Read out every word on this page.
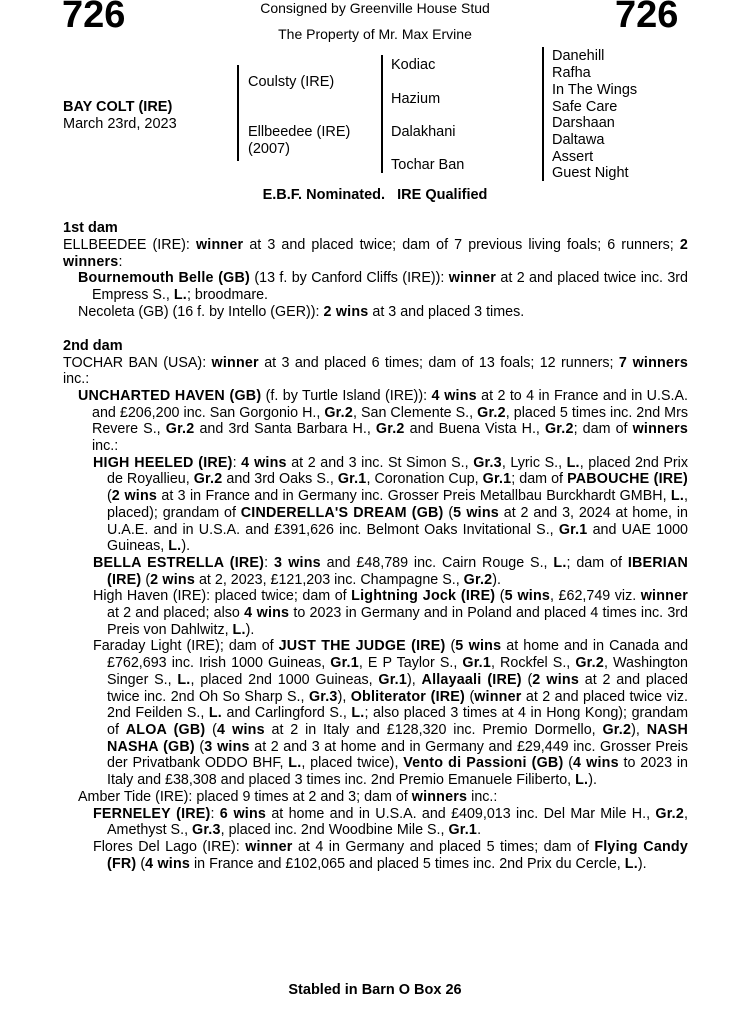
726	726
Consigned by Greenville House Stud
The Property of Mr. Max Ervine
BAY COLT (IRE)
March 23rd, 2023
Coulsty (IRE)
Ellbeedee (IRE)
(2007)
Kodiac
Hazium
Dalakhani
Tochar Ban
Danehill
Rafha
In The Wings
Safe Care
Darshaan
Daltawa
Assert
Guest Night
E.B.F. Nominated.   IRE Qualified

1st dam

ELLBEEDEE (IRE): winner at 3 and placed twice; dam of 7 previous living foals; 6 runners; 2 winners:

Bournemouth Belle (GB) (13 f. by Canford Cliffs (IRE)): winner at 2 and placed twice inc. 3rd Empress S., L.; broodmare.

Necoleta (GB) (16 f. by Intello (GER)): 2 wins at 3 and placed 3 times.

2nd dam

TOCHAR BAN (USA): winner at 3 and placed 6 times; dam of 13 foals; 12 runners; 7 winners inc.:

UNCHARTED HAVEN (GB) (f. by Turtle Island (IRE)): 4 wins at 2 to 4 in France and in U.S.A. and £206,200 inc. San Gorgonio H., Gr.2, San Clemente S., Gr.2, placed 5 times inc. 2nd Mrs Revere S., Gr.2 and 3rd Santa Barbara H., Gr.2 and Buena Vista H., Gr.2; dam of winners inc.:

HIGH HEELED (IRE): 4 wins at 2 and 3 inc. St Simon S., Gr.3, Lyric S., L., placed 2nd Prix de Royallieu, Gr.2 and 3rd Oaks S., Gr.1, Coronation Cup, Gr.1; dam of PABOUCHE (IRE) (2 wins at 3 in France and in Germany inc. Grosser Preis Metallbau Burckhardt GMBH, L., placed); grandam of CINDERELLA'S DREAM (GB) (5 wins at 2 and 3, 2024 at home, in U.A.E. and in U.S.A. and £391,626 inc. Belmont Oaks Invitational S., Gr.1 and UAE 1000 Guineas, L.).

BELLA ESTRELLA (IRE): 3 wins and £48,789 inc. Cairn Rouge S., L.; dam of IBERIAN (IRE) (2 wins at 2, 2023, £121,203 inc. Champagne S., Gr.2).

High Haven (IRE): placed twice; dam of Lightning Jock (IRE) (5 wins, £62,749 viz. winner at 2 and placed; also 4 wins to 2023 in Germany and in Poland and placed 4 times inc. 3rd Preis von Dahlwitz, L.).

Faraday Light (IRE); dam of JUST THE JUDGE (IRE) (5 wins at home and in Canada and £762,693 inc. Irish 1000 Guineas, Gr.1, E P Taylor S., Gr.1, Rockfel S., Gr.2, Washington Singer S., L., placed 2nd 1000 Guineas, Gr.1), Allayaali (IRE) (2 wins at 2 and placed twice inc. 2nd Oh So Sharp S., Gr.3), Obliterator (IRE) (winner at 2 and placed twice viz. 2nd Feilden S., L. and Carlingford S., L.; also placed 3 times at 4 in Hong Kong); grandam of ALOA (GB) (4 wins at 2 in Italy and £128,320 inc. Premio Dormello, Gr.2), NASH NASHA (GB) (3 wins at 2 and 3 at home and in Germany and £29,449 inc. Grosser Preis der Privatbank ODDO BHF, L., placed twice), Vento di Passioni (GB) (4 wins to 2023 in Italy and £38,308 and placed 3 times inc. 2nd Premio Emanuele Filiberto, L.).

Amber Tide (IRE): placed 9 times at 2 and 3; dam of winners inc.:

FERNELEY (IRE): 6 wins at home and in U.S.A. and £409,013 inc. Del Mar Mile H., Gr.2, Amethyst S., Gr.3, placed inc. 2nd Woodbine Mile S., Gr.1.

Flores Del Lago (IRE): winner at 4 in Germany and placed 5 times; dam of Flying Candy (FR) (4 wins in France and £102,065 and placed 5 times inc. 2nd Prix du Cercle, L.).

Stabled in Barn O Box 26
